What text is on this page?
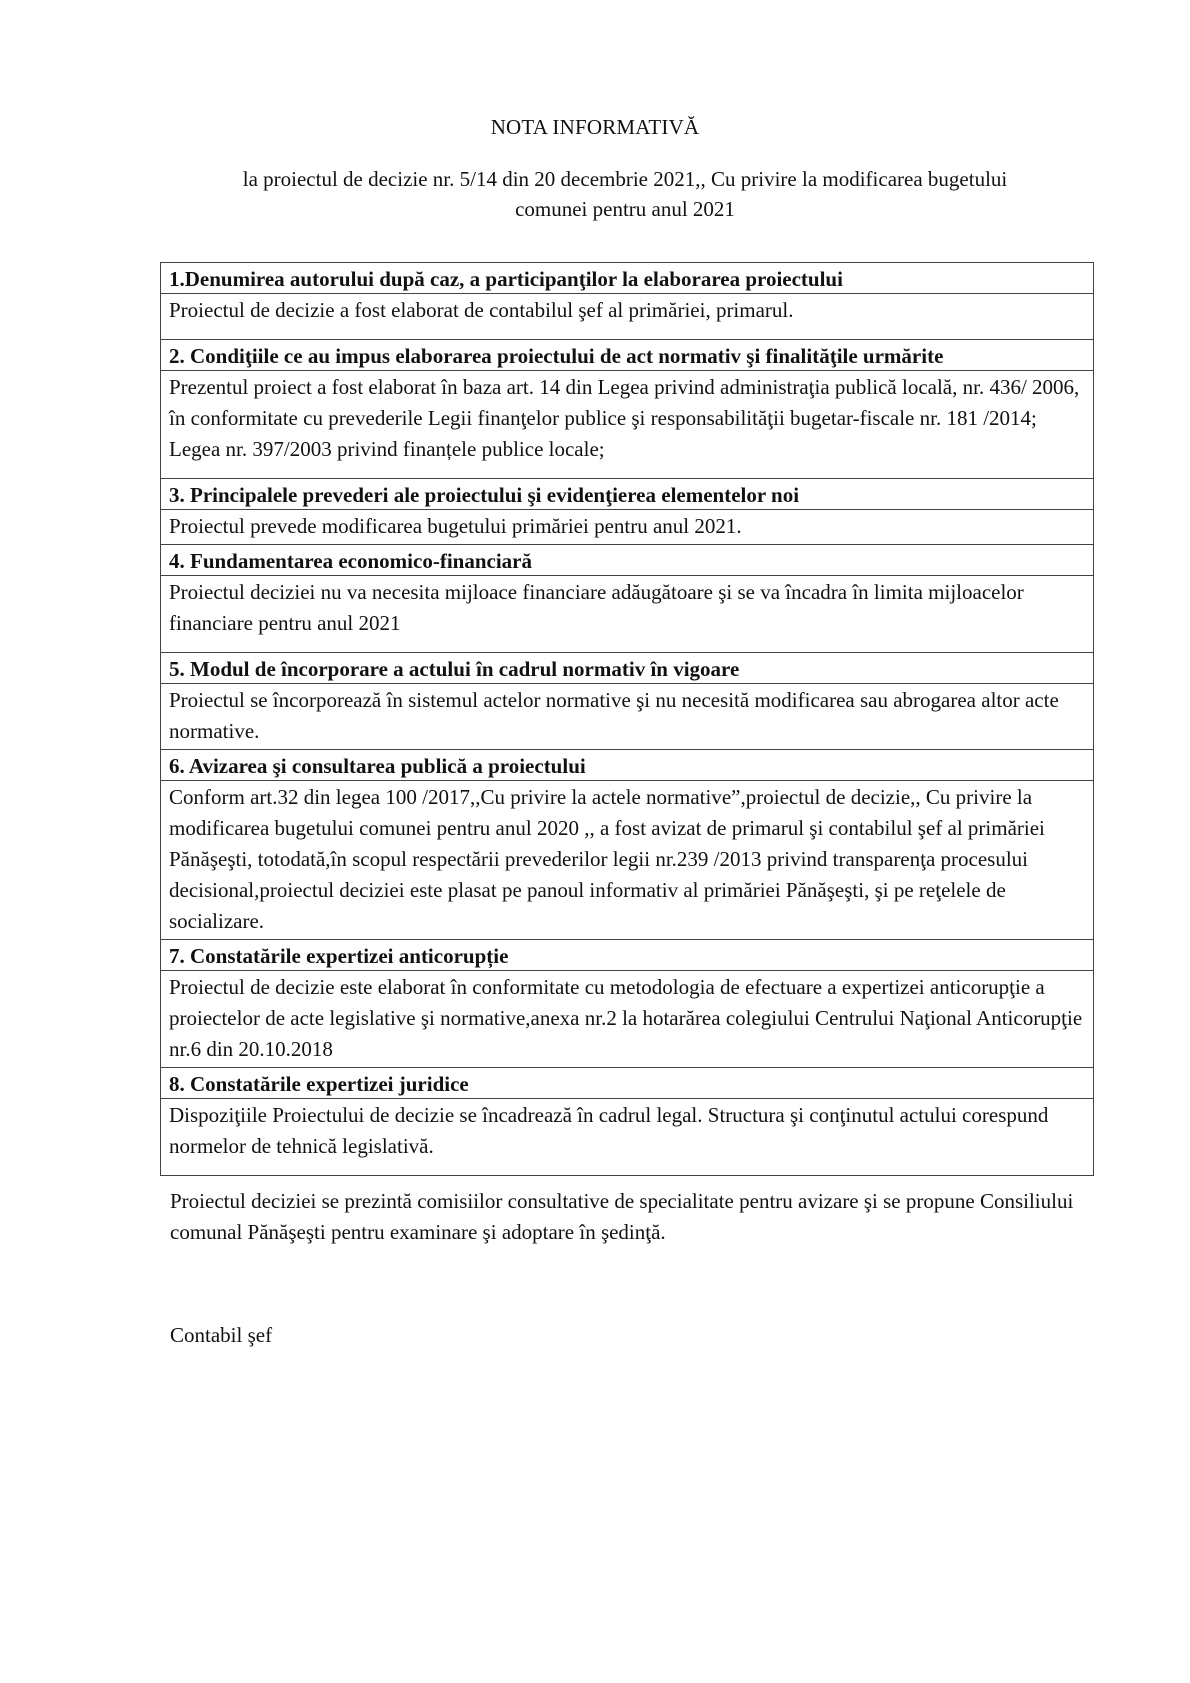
NOTA INFORMATIVĂ
la proiectul de decizie nr. 5/14 din 20 decembrie 2021,, Cu privire la modificarea bugetului
comunei pentru anul 2021
1.Denumirea autorului după caz, a participanţilor la elaborarea proiectului
Proiectul de decizie a fost elaborat de contabilul şef al primăriei, primarul.
2. Condiţiile ce au impus elaborarea proiectului de act normativ şi finalităţile urmărite
Prezentul proiect a fost elaborat în baza art. 14 din Legea privind administraţia publică locală, nr. 436/ 2006, în conformitate cu prevederile Legii finanţelor publice şi responsabilităţii bugetar-fiscale nr. 181 /2014; Legea nr. 397/2003 privind finanțele publice locale;
3. Principalele prevederi ale proiectului şi evidenţierea elementelor noi
Proiectul prevede modificarea bugetului primăriei pentru anul 2021.
4. Fundamentarea economico-financiară
Proiectul deciziei nu va necesita mijloace financiare adăugătoare şi se va încadra în limita mijloacelor financiare pentru anul 2021
5. Modul de încorporare a actului în cadrul normativ în vigoare
Proiectul se încorporează în sistemul actelor normative şi nu necesită modificarea sau abrogarea altor acte normative.
6. Avizarea şi consultarea publică a proiectului
Conform art.32 din legea 100 /2017,,Cu privire la actele normative”,proiectul de decizie,, Cu privire la modificarea bugetului comunei pentru anul 2020 ,, a fost avizat de primarul şi contabilul şef al primăriei Pănăşeşti, totodată,în scopul respectării prevederilor legii nr.239 /2013 privind transparenţa procesului decisional,proiectul deciziei este plasat pe panoul informativ al primăriei Pănăşeşti, şi pe reţelele de socializare.
7. Constatările expertizei anticorupție
Proiectul de decizie este elaborat în conformitate cu metodologia de efectuare a expertizei anticorupţie a proiectelor de acte legislative şi normative,anexa nr.2 la hotarărea colegiului Centrului Naţional Anticorupţie nr.6 din 20.10.2018
8. Constatările expertizei juridice
Dispoziţiile Proiectului de decizie se încadrează în cadrul legal. Structura şi conţinutul actului corespund normelor de tehnică legislativă.
Proiectul deciziei se prezintă comisiilor consultative de specialitate pentru avizare şi se propune Consiliului comunal Pănăşeşti pentru examinare şi adoptare în şedinţă.
Contabil şef
